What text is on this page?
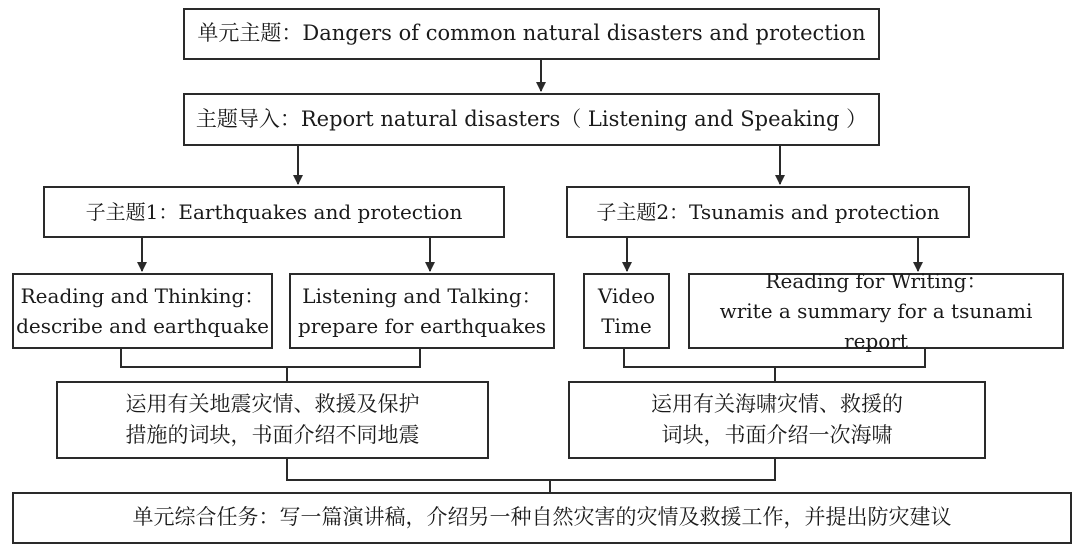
单元主题：Dangers of common natural disasters and protection
主题导入：Report natural disasters（ Listening and Speaking ）
子主题1：Earthquakes and protection	子主题2：Tsunamis and protection
Reading and Thinking：
describe and earthquake
Listening and Talking：
prepare for earthquakes
Video
Time
Reading for Writing：
write a summary for a tsunami report
运用有关地震灾情、救援及保护
措施的词块，书面介绍不同地震
运用有关海啸灾情、救援的
词块，书面介绍一次海啸
单元综合任务：写一篇演讲稿，介绍另一种自然灾害的灾情及救援工作，并提出防灾建议
